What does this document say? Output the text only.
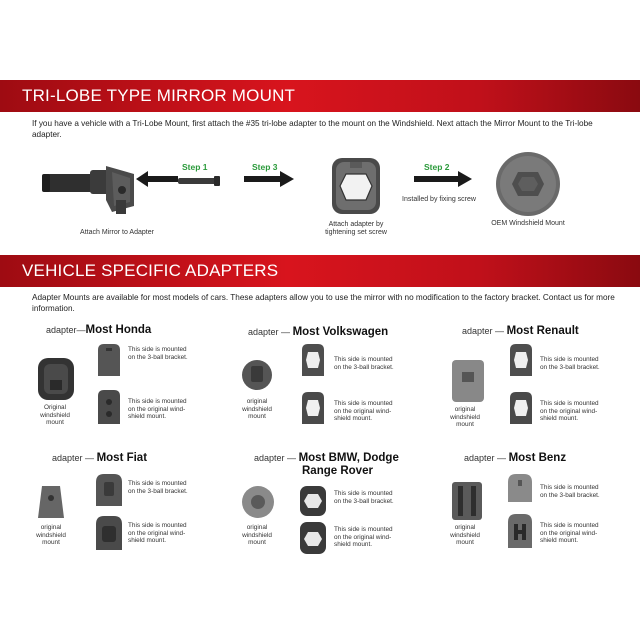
TRI-LOBE TYPE MIRROR MOUNT
If you have a vehicle with a Tri-Lobe Mount, first attach the #35 tri-lobe adapter to the mount on the Windshield. Next attach the Mirror Mount to the Tri-lobe adapter.
Attach Mirror to Adapter
Step 1	Step 3
Attach adapter by
tightening set screw
Step 2
Installed by fixing screw
OEM Windshield Mount
VEHICLE SPECIFIC ADAPTERS
Adapter Mounts are available for most models of cars. These adapters allow you to use the mirror with no modification to the factory bracket. Contact us for more information.
adapter—Most Honda
Original
windshield
mount
This side is mounted
on the 3-ball bracket.
This side is mounted
on the original wind-
shield mount.
adapter — Most Volkswagen
original
windshield
mount
This side is mounted
on the 3-ball bracket.
This side is mounted
on the original wind-
shield mount.
adapter — Most Renault
original
windshield
mount
This side is mounted
on the 3-ball bracket.
This side is mounted
on the original wind-
shield mount.
adapter — Most Fiat
original
windshield
mount
This side is mounted
on the 3-ball bracket.
This side is mounted
on the original wind-
shield mount.
adapter — Most BMW, Dodge
Range Rover
original
windshield
mount
This side is mounted
on the 3-ball bracket.
This side is mounted
on the original wind-
shield mount.
adapter — Most Benz
original
windshield
mount
This side is mounted
on the 3-ball bracket.
This side is mounted
on the original wind-
shield mount.
